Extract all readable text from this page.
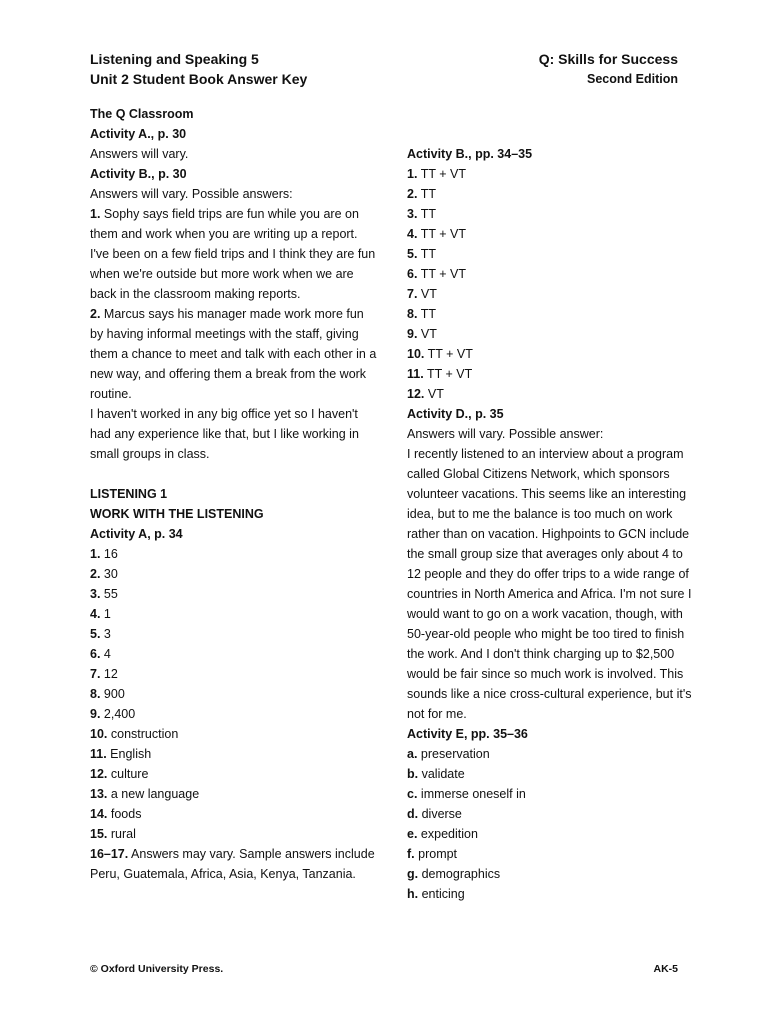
Listening and Speaking 5
Unit 2 Student Book Answer Key
Q: Skills for Success
Second Edition
The Q Classroom
Activity A., p. 30
Answers will vary.
Activity B., p. 30
Answers will vary. Possible answers:
1. Sophy says field trips are fun while you are on them and work when you are writing up a report.
I've been on a few field trips and I think they are fun when we're outside but more work when we are back in the classroom making reports.
2. Marcus says his manager made work more fun by having informal meetings with the staff, giving them a chance to meet and talk with each other in a new way, and offering them a break from the work routine.
I haven't worked in any big office yet so I haven't had any experience like that, but I like working in small groups in class.
LISTENING 1
WORK WITH THE LISTENING
Activity A, p. 34
1. 16
2. 30
3. 55
4. 1
5. 3
6. 4
7. 12
8. 900
9. 2,400
10. construction
11. English
12. culture
13. a new language
14. foods
15. rural
16–17. Answers may vary. Sample answers include Peru, Guatemala, Africa, Asia, Kenya, Tanzania.
Activity B., pp. 34–35
1. TT + VT
2. TT
3. TT
4. TT + VT
5. TT
6. TT + VT
7. VT
8. TT
9. VT
10. TT + VT
11. TT + VT
12. VT
Activity D., p. 35
Answers will vary. Possible answer:
I recently listened to an interview about a program called Global Citizens Network, which sponsors volunteer vacations. This seems like an interesting idea, but to me the balance is too much on work rather than on vacation. Highpoints to GCN include the small group size that averages only about 4 to 12 people and they do offer trips to a wide range of countries in North America and Africa. I'm not sure I would want to go on a work vacation, though, with 50-year-old people who might be too tired to finish the work. And I don't think charging up to $2,500 would be fair since so much work is involved. This sounds like a nice cross-cultural experience, but it's not for me.
Activity E, pp. 35–36
a. preservation
b. validate
c. immerse oneself in
d. diverse
e. expedition
f. prompt
g. demographics
h. enticing
© Oxford University Press.	AK-5
